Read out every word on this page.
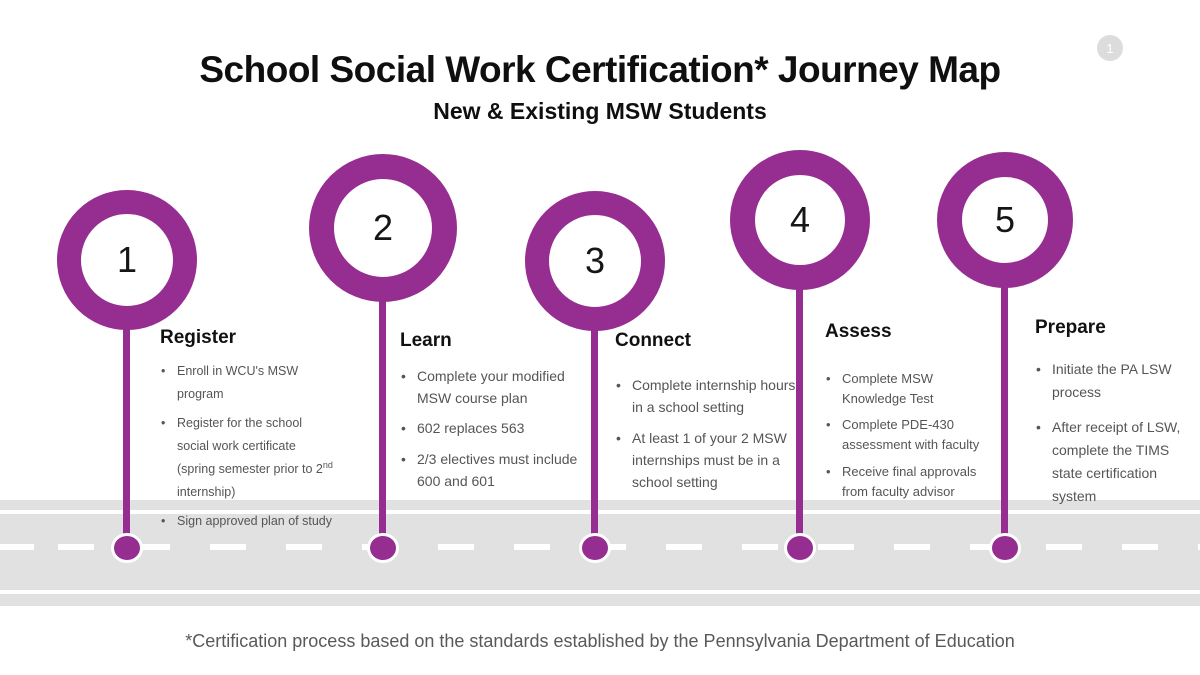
1
School Social Work Certification* Journey Map
New & Existing MSW Students
1
Register
• Enroll in WCU's MSW program
• Register for the school social work certificate (spring semester prior to 2nd internship)
• Sign approved plan of study
2
Learn
• Complete your modified MSW course plan
• 602 replaces 563
• 2/3 electives must include 600 and 601
3
Connect
• Complete internship hours in a school setting
• At least 1 of your 2 MSW internships must be in a school setting
4
Assess
• Complete MSW Knowledge Test
• Complete PDE-430 assessment with faculty
• Receive final approvals from faculty advisor
5
Prepare
• Initiate the PA LSW process
• After receipt of LSW, complete the TIMS state certification system
*Certification process based on the standards established by the Pennsylvania Department of Education
